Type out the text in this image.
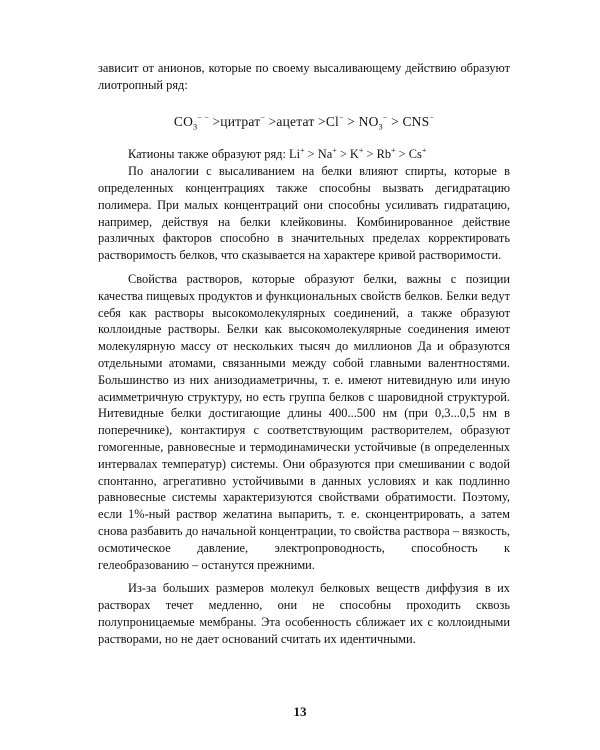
зависит от анионов, которые по своему высаливающему действию образуют лиотропный ряд:

$CO_3^{- -}$ >цитрат− >ацетат $>Cl^- > NO_3^- > CNS^-$

Катионы также образуют ряд: Li+ > Na+ > K+ > Rb+ > Cs+

По аналогии с высаливанием на белки влияют спирты, которые в определенных концентрациях также способны вызвать дегидратацию полимера. При малых концентраций они способны усиливать гидратацию, например, действуя на белки клейковины. Комбинированное действие различных факторов способно в значительных пределах корректировать растворимость белков, что сказывается на характере кривой растворимости.

Свойства растворов, которые образуют белки, важны с позиции качества пищевых продуктов и функциональных свойств белков. Белки ведут себя как растворы высокомолекулярных соединений, а также образуют коллоидные растворы. Белки как высокомолекулярные соединения имеют молекулярную массу от нескольких тысяч до миллионов Да и образуются отдельными атомами, связанными между собой главными валентностями. Большинство из них анизодиаметричны, т. е. имеют нитевидную или иную асимметричную структуру, но есть группа белков с шаровидной структурой. Нитевидные белки достигающие длины 400...500 нм (при 0,3...0,5 нм в поперечнике), контактируя с соответствующим растворителем, образуют гомогенные, равновесные и термодинамически устойчивые (в определенных интервалах температур) системы. Они образуются при смешивании с водой спонтанно, агрегативно устойчивыми в данных условиях и как подлинно равновесные системы характеризуются свойствами обратимости. Поэтому, если 1%-ный раствор желатина выпарить, т. е. сконцентрировать, а затем снова разбавить до начальной концентрации, то свойства раствора – вязкость, осмотическое давление, электропроводность, способность к гелеобразованию – останутся прежними.

Из-за больших размеров молекул белковых веществ диффузия в их растворах течет медленно, они не способны проходить сквозь полупроницаемые мембраны. Эта особенность сближает их с коллоидными растворами, но не дает оснований считать их идентичными.

13
